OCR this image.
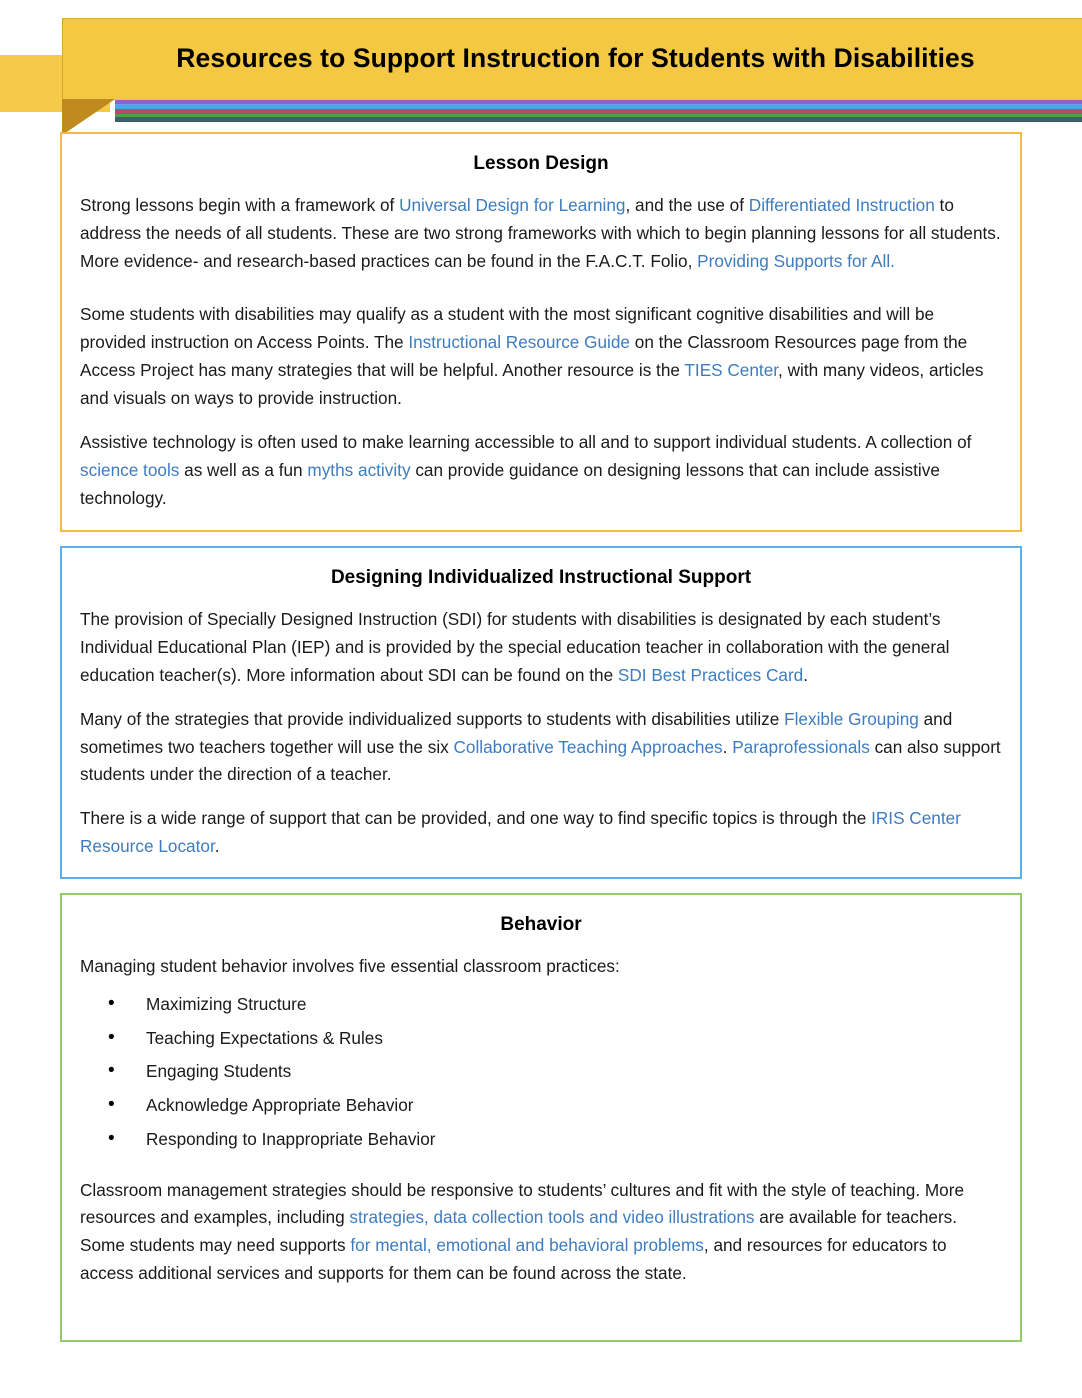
Resources to Support Instruction for Students with Disabilities
Lesson Design

Strong lessons begin with a framework of Universal Design for Learning, and the use of Differentiated Instruction to address the needs of all students. These are two strong frameworks with which to begin planning lessons for all students. More evidence- and research-based practices can be found in the F.A.C.T. Folio, Providing Supports for All.

Some students with disabilities may qualify as a student with the most significant cognitive disabilities and will be provided instruction on Access Points. The Instructional Resource Guide on the Classroom Resources page from the Access Project has many strategies that will be helpful. Another resource is the TIES Center, with many videos, articles and visuals on ways to provide instruction.

Assistive technology is often used to make learning accessible to all and to support individual students. A collection of science tools as well as a fun myths activity can provide guidance on designing lessons that can include assistive technology.

Designing Individualized Instructional Support

The provision of Specially Designed Instruction (SDI) for students with disabilities is designated by each student’s Individual Educational Plan (IEP) and is provided by the special education teacher in collaboration with the general education teacher(s). More information about SDI can be found on the SDI Best Practices Card.

Many of the strategies that provide individualized supports to students with disabilities utilize Flexible Grouping and sometimes two teachers together will use the six Collaborative Teaching Approaches. Paraprofessionals can also support students under the direction of a teacher.

There is a wide range of support that can be provided, and one way to find specific topics is through the IRIS Center Resource Locator.

Behavior

Managing student behavior involves five essential classroom practices:

• Maximizing Structure
• Teaching Expectations & Rules
• Engaging Students
• Acknowledge Appropriate Behavior
• Responding to Inappropriate Behavior

Classroom management strategies should be responsive to students’ cultures and fit with the style of teaching. More resources and examples, including strategies, data collection tools and video illustrations are available for teachers. Some students may need supports for mental, emotional and behavioral problems, and resources for educators to access additional services and supports for them can be found across the state.
